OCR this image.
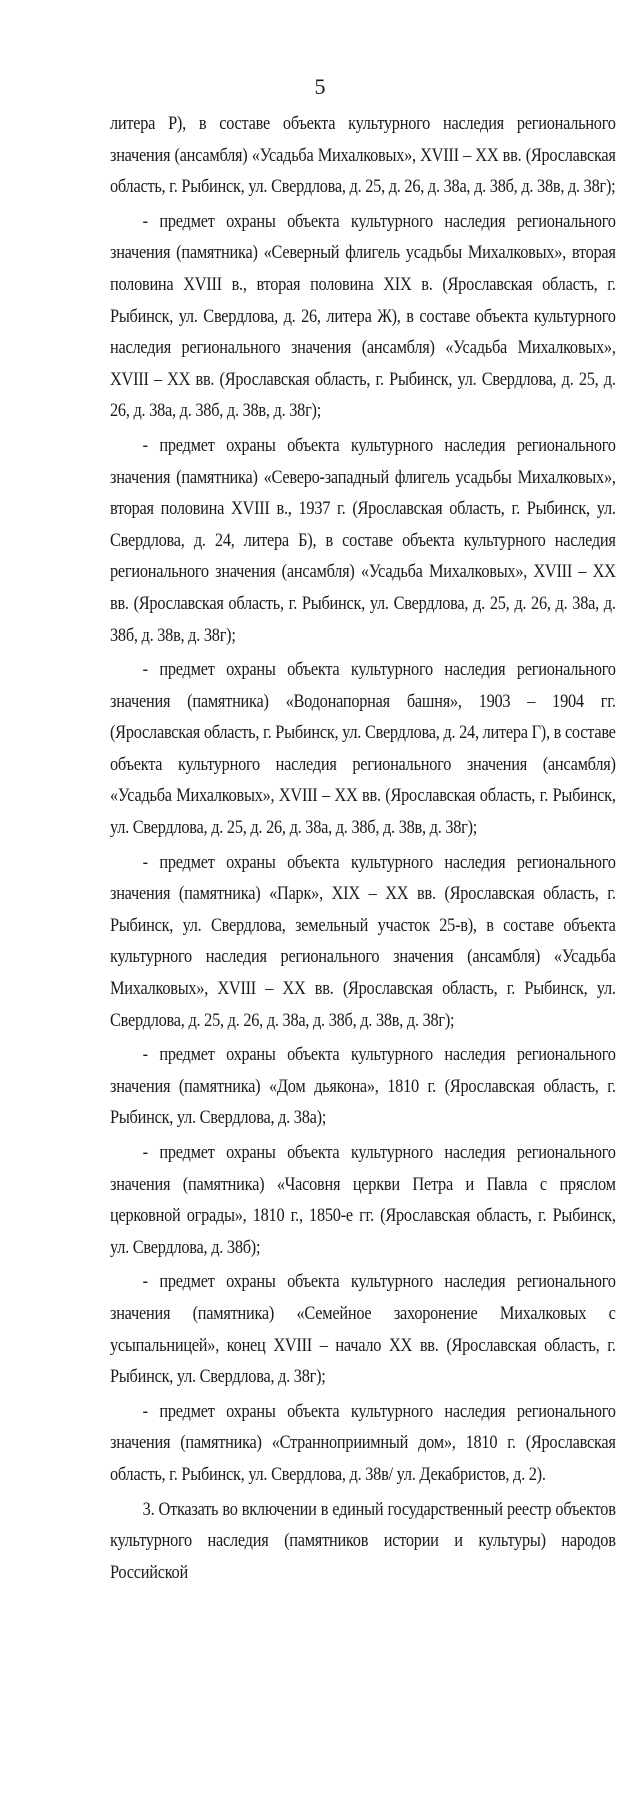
5

литера Р), в составе объекта культурного наследия регионального значения (ансамбля) «Усадьба Михалковых», XVIII – XX вв. (Ярославская область, г. Рыбинск, ул. Свердлова, д. 25, д. 26, д. 38а, д. 38б, д. 38в, д. 38г);

- предмет охраны объекта культурного наследия регионального значения (памятника) «Северный флигель усадьбы Михалковых», вторая половина XVIII в., вторая половина XIX в. (Ярославская область, г. Рыбинск, ул. Свердлова, д. 26, литера Ж), в составе объекта культурного наследия регионального значения (ансамбля) «Усадьба Михалковых», XVIII – XX вв. (Ярославская область, г. Рыбинск, ул. Свердлова, д. 25, д. 26, д. 38а, д. 38б, д. 38в, д. 38г);

- предмет охраны объекта культурного наследия регионального значения (памятника) «Северо-западный флигель усадьбы Михалковых», вторая половина XVIII в., 1937 г. (Ярославская область, г. Рыбинск, ул. Свердлова, д. 24, литера Б), в составе объекта культурного наследия регионального значения (ансамбля) «Усадьба Михалковых», XVIII – XX вв. (Ярославская область, г. Рыбинск, ул. Свердлова, д. 25, д. 26, д. 38а, д. 38б, д. 38в, д. 38г);

- предмет охраны объекта культурного наследия регионального значения (памятника) «Водонапорная башня», 1903 – 1904 гг. (Ярославская область, г. Рыбинск, ул. Свердлова, д. 24, литера Г), в составе объекта культурного наследия регионального значения (ансамбля) «Усадьба Михалковых», XVIII – XX вв. (Ярославская область, г. Рыбинск, ул. Свердлова, д. 25, д. 26, д. 38а, д. 38б, д. 38в, д. 38г);

- предмет охраны объекта культурного наследия регионального значения (памятника) «Парк», XIX – XX вв. (Ярославская область, г. Рыбинск, ул. Свердлова, земельный участок 25-в), в составе объекта культурного наследия регионального значения (ансамбля) «Усадьба Михалковых», XVIII – XX вв. (Ярославская область, г. Рыбинск, ул. Свердлова, д. 25, д. 26, д. 38а, д. 38б, д. 38в, д. 38г);

- предмет охраны объекта культурного наследия регионального значения (памятника) «Дом дьякона», 1810 г. (Ярославская область, г. Рыбинск, ул. Свердлова, д. 38а);

- предмет охраны объекта культурного наследия регионального значения (памятника) «Часовня церкви Петра и Павла с пряслом церковной ограды», 1810 г., 1850-е гг. (Ярославская область, г. Рыбинск, ул. Свердлова, д. 38б);

- предмет охраны объекта культурного наследия регионального значения (памятника) «Семейное захоронение Михалковых с усыпальницей», конец XVIII – начало XX вв. (Ярославская область, г. Рыбинск, ул. Свердлова, д. 38г);

- предмет охраны объекта культурного наследия регионального значения (памятника) «Странноприимный дом», 1810 г. (Ярославская область, г. Рыбинск, ул. Свердлова, д. 38в/ ул. Декабристов, д. 2).

3. Отказать во включении в единый государственный реестр объектов культурного наследия (памятников истории и культуры) народов Российской
